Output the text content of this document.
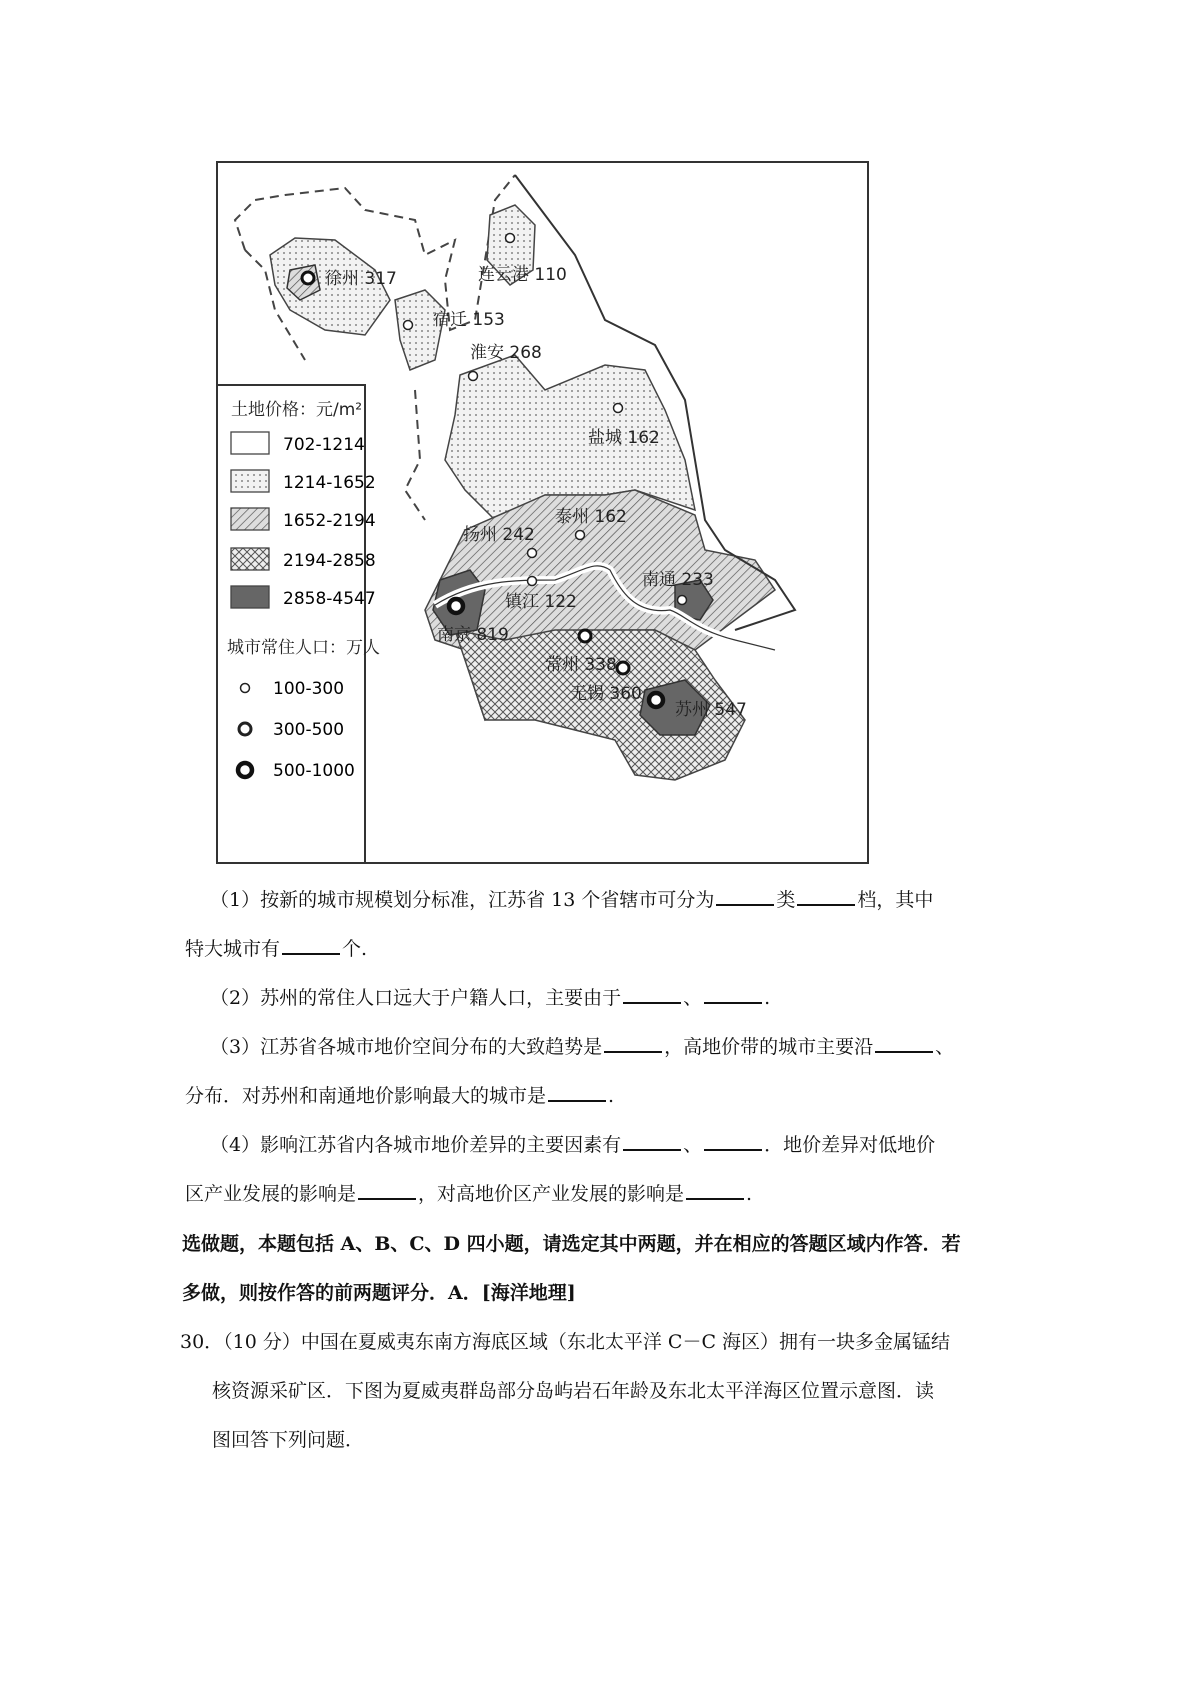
土地价格：元/m²
702-1214
1214-1652
1652-2194
2194-2858
2858-4547
城市常住人口：万人
100-300
300-500
500-1000
徐州 317	连云港 110
宿迁 153
淮安 268
盐城 162
扬州 242
泰州 162
镇江 122
南通 233
南京 819
常州 338
无锡 360
苏州 547
（1）按新的城市规模划分标准，江苏省 13 个省辖市可分为	类	档，其中
特大城市有	个.
（2）苏州的常住人口远大于户籍人口，主要由于	、	.
（3）江苏省各城市地价空间分布的大致趋势是	，高地价带的城市主要沿	、
分布．对苏州和南通地价影响最大的城市是	.
（4）影响江苏省内各城市地价差异的主要因素有	、	．地价差异对低地价
区产业发展的影响是	，对高地价区产业发展的影响是	.
选做题，本题包括 A、B、C、D 四小题，请选定其中两题，并在相应的答题区域内作答．若
多做，则按作答的前两题评分．A．[海洋地理]
30．（10 分）中国在夏威夷东南方海底区域（东北太平洋 C－C 海区）拥有一块多金属锰结
核资源采矿区．下图为夏威夷群岛部分岛屿岩石年龄及东北太平洋海区位置示意图．读
图回答下列问题．
